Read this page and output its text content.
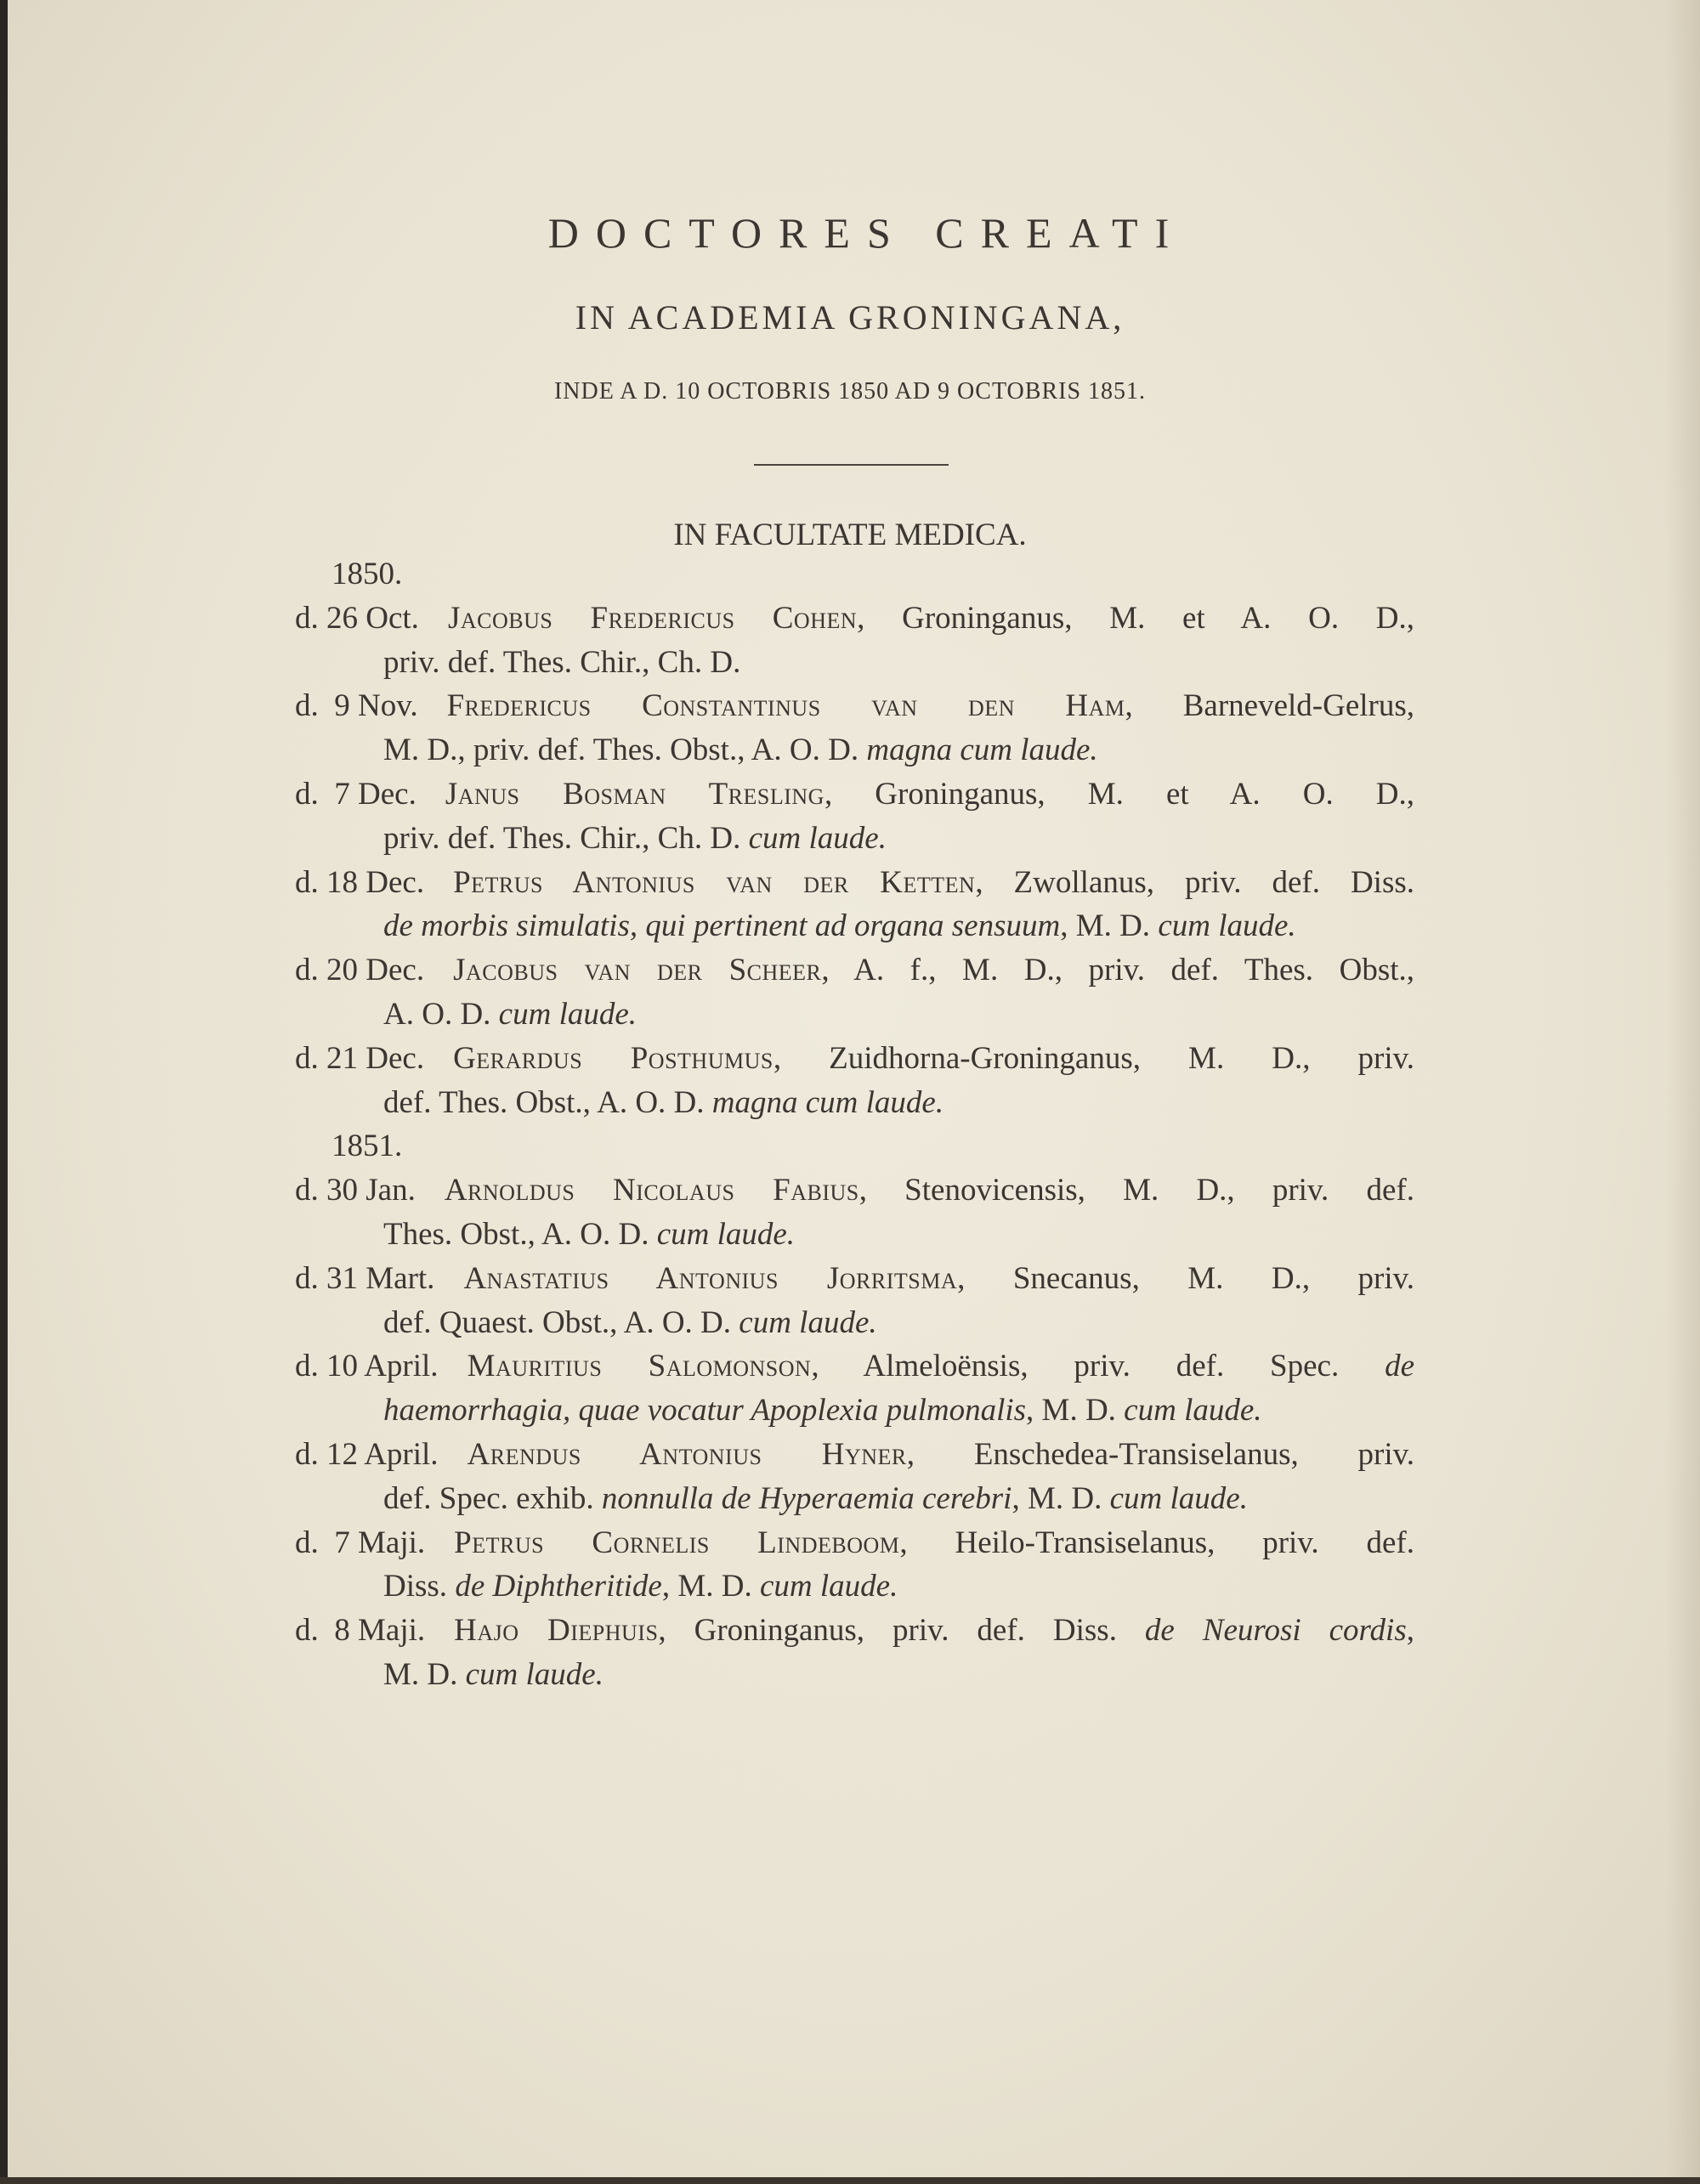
DOCTORES CREATI
IN ACADEMIA GRONINGANA,
INDE A D. 10 OCTOBRIS 1850 AD 9 OCTOBRIS 1851.
IN FACULTATE MEDICA.
1850.
d. 26 Oct. Jacobus Fredericus Cohen, Groninganus, M. et A. O. D.,
priv. def. Thes. Chir., Ch. D.
d.  9 Nov. Fredericus Constantinus van den Ham, Barneveld-Gelrus,
M. D., priv. def. Thes. Obst., A. O. D. magna cum laude.
d.  7 Dec. Janus Bosman Tresling, Groninganus, M. et A. O. D.,
priv. def. Thes. Chir., Ch. D. cum laude.
d. 18 Dec. Petrus Antonius van der Ketten, Zwollanus, priv. def. Diss.
de morbis simulatis, qui pertinent ad organa sensuum, M. D. cum laude.
d. 20 Dec. Jacobus van der Scheer, A. f., M. D., priv. def. Thes. Obst.,
A. O. D. cum laude.
d. 21 Dec. Gerardus Posthumus, Zuidhorna-Groninganus, M. D., priv.
def. Thes. Obst., A. O. D. magna cum laude.
1851.
d. 30 Jan. Arnoldus Nicolaus Fabius, Stenovicensis, M. D., priv. def.
Thes. Obst., A. O. D. cum laude.
d. 31 Mart. Anastatius Antonius Jorritsma, Snecanus, M. D., priv.
def. Quaest. Obst., A. O. D. cum laude.
d. 10 April. Mauritius Salomonson, Almeloënsis, priv. def. Spec. de
haemorrhagia, quae vocatur Apoplexia pulmonalis, M. D. cum laude.
d. 12 April. Arendus Antonius Hyner, Enschedea-Transiselanus, priv.
def. Spec. exhib. nonnulla de Hyperaemia cerebri, M. D. cum laude.
d.  7 Maji. Petrus Cornelis Lindeboom, Heilo-Transiselanus, priv. def.
Diss. de Diphtheritide, M. D. cum laude.
d.  8 Maji. Hajo Diephuis, Groninganus, priv. def. Diss. de Neurosi cordis,
M. D. cum laude.
